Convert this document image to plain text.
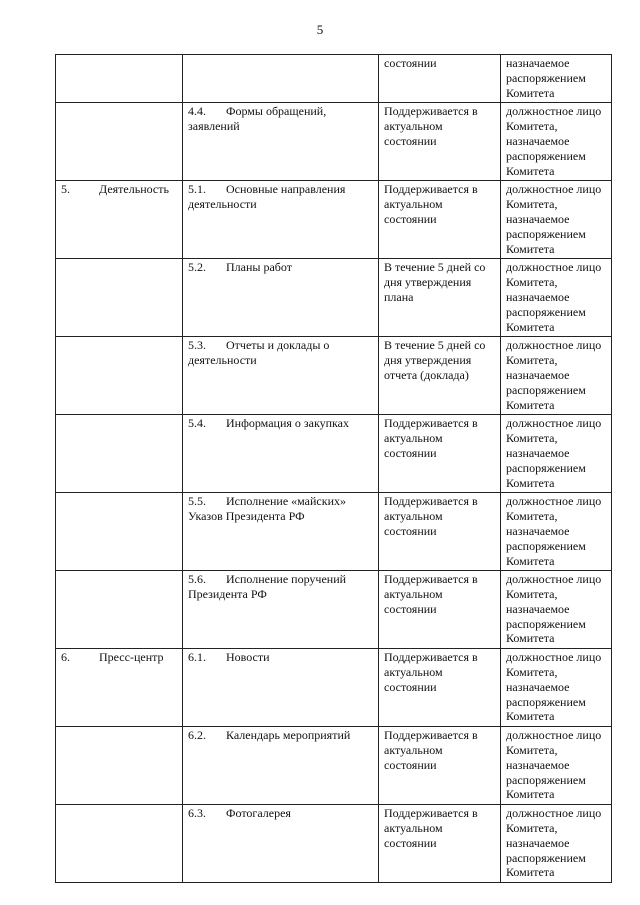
5
		состоянии	назначаемое распоряжением Комитета
	4.4. Формы обращений, заявлений	Поддерживается в актуальном состоянии	должностное лицо Комитета, назначаемое распоряжением Комитета
5. Деятельность	5.1. Основные направления деятельности	Поддерживается в актуальном состоянии	должностное лицо Комитета, назначаемое распоряжением Комитета
	5.2. Планы работ	В течение 5 дней со дня утверждения плана	должностное лицо Комитета, назначаемое распоряжением Комитета
	5.3. Отчеты и доклады о деятельности	В течение 5 дней со дня утверждения отчета (доклада)	должностное лицо Комитета, назначаемое распоряжением Комитета
	5.4. Информация о закупках	Поддерживается в актуальном состоянии	должностное лицо Комитета, назначаемое распоряжением Комитета
	5.5. Исполнение «майских» Указов Президента РФ	Поддерживается в актуальном состоянии	должностное лицо Комитета, назначаемое распоряжением Комитета
	5.6. Исполнение поручений Президента РФ	Поддерживается в актуальном состоянии	должностное лицо Комитета, назначаемое распоряжением Комитета
6. Пресс-центр	6.1. Новости	Поддерживается в актуальном состоянии	должностное лицо Комитета, назначаемое распоряжением Комитета
	6.2. Календарь мероприятий	Поддерживается в актуальном состоянии	должностное лицо Комитета, назначаемое распоряжением Комитета
	6.3. Фотогалерея	Поддерживается в актуальном состоянии	должностное лицо Комитета, назначаемое распоряжением Комитета
